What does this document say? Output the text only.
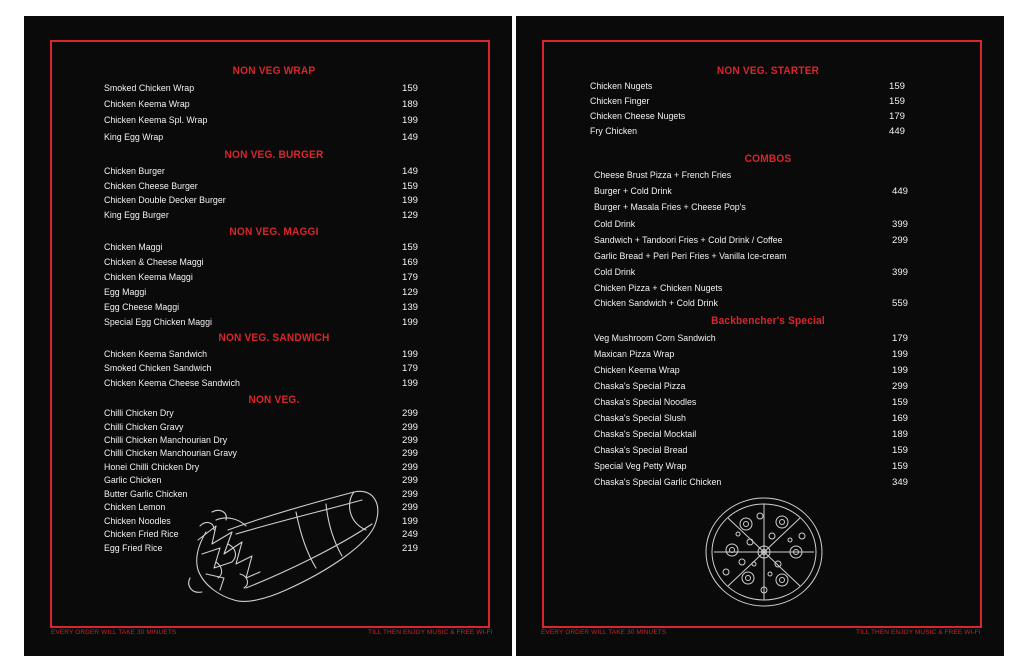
NON VEG WRAP
Smoked Chicken Wrap	159
Chicken Keema Wrap	189
Chicken Keema Spl. Wrap	199
King Egg Wrap	149
NON VEG. BURGER
Chicken Burger	149
Chicken Cheese Burger	159
Chicken Double Decker Burger	199
King Egg Burger	129
NON VEG. MAGGI
Chicken Maggi	159
Chicken & Cheese Maggi	169
Chicken Keema Maggi	179
Egg Maggi	129
Egg Cheese Maggi	139
Special Egg Chicken Maggi	199
NON VEG. SANDWICH
Chicken Keema Sandwich	199
Smoked Chicken Sandwich	179
Chicken Keema Cheese Sandwich	199
NON VEG.
Chilli Chicken Dry	299
Chilli Chicken Gravy	299
Chilli Chicken Manchourian Dry	299
Chilli Chicken Manchourian Gravy	299
Honei Chilli Chicken Dry	299
Garlic Chicken	299
Butter Garlic Chicken	299
Chicken Lemon	299
Chicken Noodles	199
Chicken Fried Rice	249
Egg Fried Rice	219
EVERY ORDER WILL TAKE 30 MINUETS	TILL THEN ENJOY MUSIC & FREE WI-FI
NON VEG. STARTER
Chicken Nugets	159
Chicken Finger	159
Chicken Cheese Nugets	179
Fry Chicken	449
COMBOS
Cheese Brust Pizza + French Fries
Burger + Cold Drink	449
Burger + Masala Fries + Cheese Pop's
Cold Drink	399
Sandwich + Tandoori Fries + Cold Drink / Coffee	299
Garlic Bread + Peri Peri Fries + Vanilla Ice-cream
Cold Drink	399
Chicken Pizza + Chicken Nugets
Chicken Sandwich + Cold Drink	559
Backbencher's Special
Veg Mushroom Corn Sandwich	179
Maxican Pizza Wrap	199
Chicken Keema Wrap	199
Chaska's Special Pizza	299
Chaska's Special Noodles	159
Chaska's Special Slush	169
Chaska's Special Mocktail	189
Chaska's Special Bread	159
Special Veg Petty Wrap	159
Chaska's Special Garlic Chicken	349
EVERY ORDER WILL TAKE 30 MINUETS	TILL THEN ENJOY MUSIC & FREE WI-FI
